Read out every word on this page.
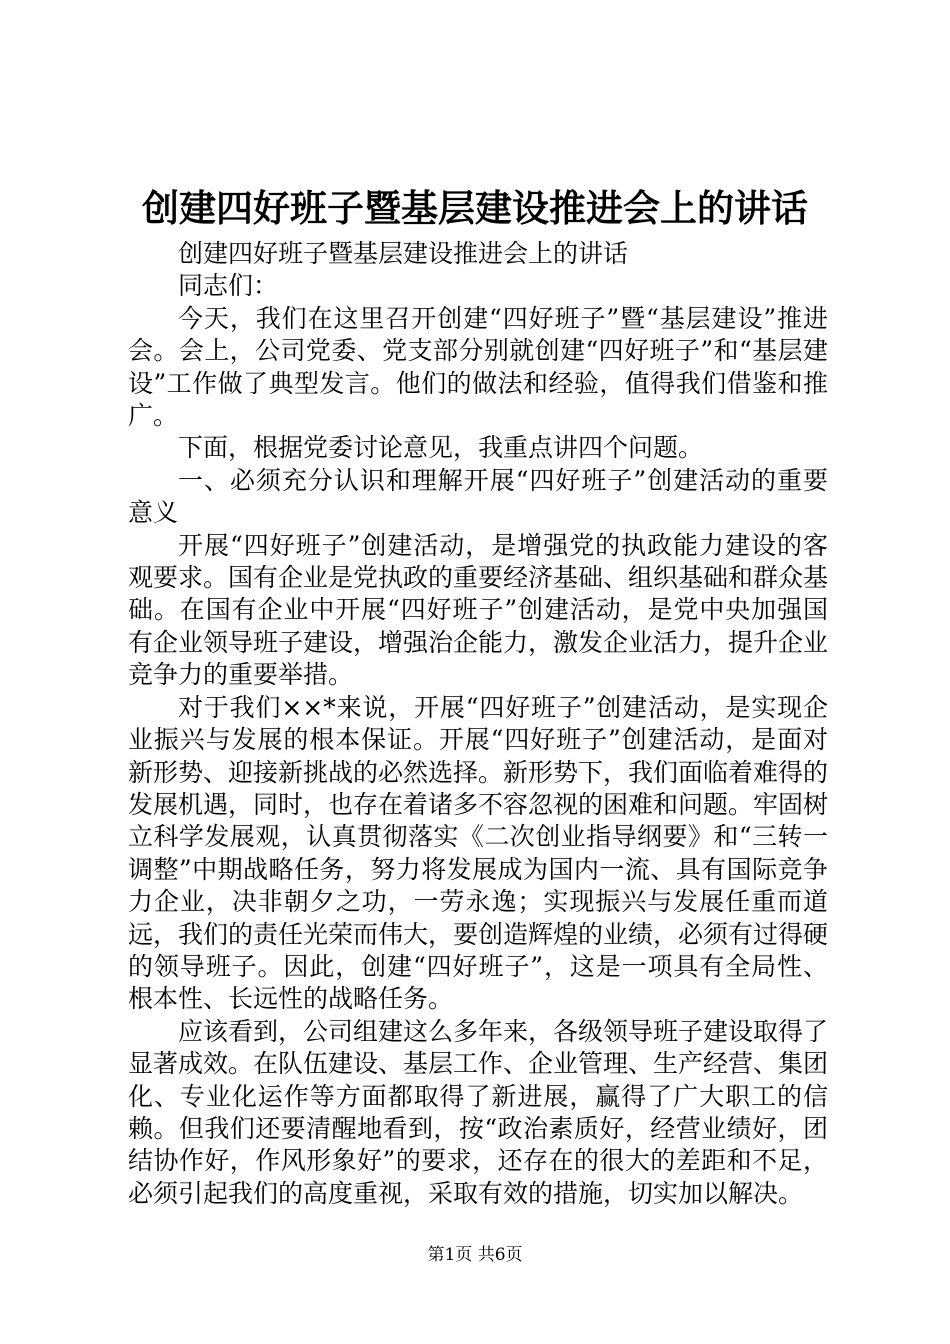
创建四好班子暨基层建设推进会上的讲话

创建四好班子暨基层建设推进会上的讲话

同志们：

今天，我们在这里召开创建“四好班子”暨“基层建设”推进会。会上，公司党委、党支部分别就创建“四好班子”和“基层建设”工作做了典型发言。他们的做法和经验，值得我们借鉴和推广。

下面，根据党委讨论意见，我重点讲四个问题。

一、必须充分认识和理解开展“四好班子”创建活动的重要意义

开展“四好班子”创建活动，是增强党的执政能力建设的客观要求。国有企业是党执政的重要经济基础、组织基础和群众基础。在国有企业中开展“四好班子”创建活动，是党中央加强国有企业领导班子建设，增强治企能力，激发企业活力，提升企业竞争力的重要举措。

对于我们××*来说，开展“四好班子”创建活动，是实现企业振兴与发展的根本保证。开展“四好班子”创建活动，是面对新形势、迎接新挑战的必然选择。新形势下，我们面临着难得的发展机遇，同时，也存在着诸多不容忽视的困难和问题。牢固树立科学发展观，认真贯彻落实《二次创业指导纲要》和“三转一调整”中期战略任务，努力将发展成为国内一流、具有国际竞争力企业，决非朝夕之功，一劳永逸；实现振兴与发展任重而道远，我们的责任光荣而伟大，要创造辉煌的业绩，必须有过得硬的领导班子。因此，创建“四好班子”，这是一项具有全局性、根本性、长远性的战略任务。

应该看到，公司组建这么多年来，各级领导班子建设取得了显著成效。在队伍建设、基层工作、企业管理、生产经营、集团化、专业化运作等方面都取得了新进展，赢得了广大职工的信赖。但我们还要清醒地看到，按“政治素质好，经营业绩好，团结协作好，作风形象好”的要求，还存在的很大的差距和不足，必须引起我们的高度重视，采取有效的措施，切实加以解决。

第1页 共6页
